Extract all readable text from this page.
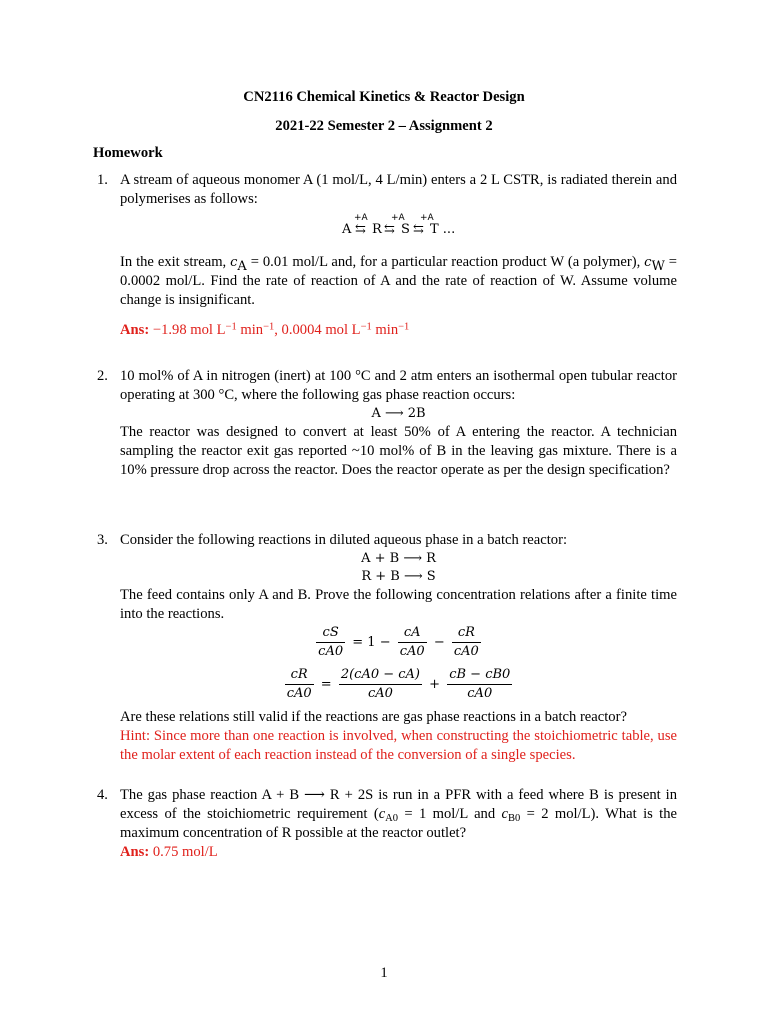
CN2116 Chemical Kinetics & Reactor Design
2021-22 Semester 2 – Assignment 2
Homework
1. A stream of aqueous monomer A (1 mol/L, 4 L/min) enters a 2 L CSTR, is radiated therein and polymerises as follows:

+A	+A +A
A ⇆ R ⇆ S ⇆ T ...

In the exit stream, $c_A = 0.01$ mol/L and, for a particular reaction product W (a polymer), $c_W = 0.0002$ mol/L. Find the rate of reaction of A and the rate of reaction of W. Assume volume change is insignificant.

Ans: −1.98 mol $L^{-1}$ $\min^{-1}$, 0.0004 mol $L^{-1}$ $\min^{-1}$

2. 10 mol% of A in nitrogen (inert) at 100 °C and 2 atm enters an isothermal open tubular reactor operating at 300 °C, where the following gas phase reaction occurs:

A ⟶ 2B

The reactor was designed to convert at least 50% of A entering the reactor. A technician sampling the reactor exit gas reported ~10 mol% of B in the leaving gas mixture. There is a 10% pressure drop across the reactor. Does the reactor operate as per the design specification?

3. Consider the following reactions in diluted aqueous phase in a batch reactor:

A + B ⟶ R

R + B ⟶ S

The feed contains only A and B. Prove the following concentration relations after a finite time into the reactions.

$\frac{cS}{cA0} = 1 - \frac{cA}{cA0} - \frac{cR}{cA0}$
$\frac{cR}{cA0} = \frac{2(cA0 - cA)}{cA0} + \frac{cB - cB0}{cA0}$

Are these relations still valid if the reactions are gas phase reactions in a batch reactor?

Hint: Since more than one reaction is involved, when constructing the stoichiometric table, use the molar extent of each reaction instead of the conversion of a single species.

4. The gas phase reaction A + B ⟶ R + 2S is run in a PFR with a feed where B is present in excess of the stoichiometric requirement ($c_{A0} = 1$ mol/L and $c_{B0} = 2$ mol/L). What is the maximum concentration of R possible at the reactor outlet?

Ans: 0.75 mol/L

1
